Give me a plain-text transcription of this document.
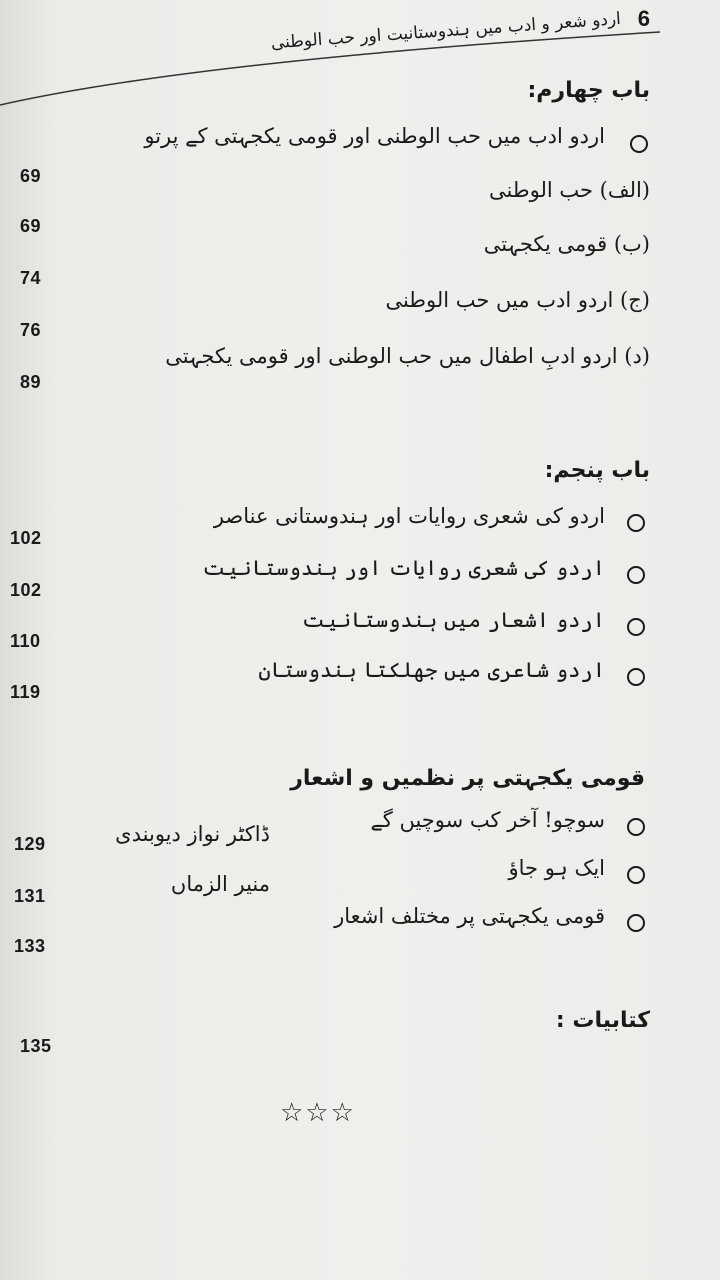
6
اردو شعر و ادب میں ہندوستانیت اور حب الوطنی
باب چھارم:
اردو ادب میں حب الوطنی اور قومی یکجہتی کے پرتو
69
(الف) حب الوطنی
69
(ب) قومی یکجہتی
74
(ج) اردو ادب میں حب الوطنی
76
(د) اردو ادبِ اطفال میں حب الوطنی اور قومی یکجہتی
89
باب پنجم:
اردو کی شعری روایات اور ہندوستانی عناصر
102
اردو کی شعری روایات اور ہندوستانیت
102
اردو اشعار میں ہندوستانیت
110
اردو شاعری میں جھلکتا ہندوستان
119
قومی یکجہتی پر نظمیں و اشعار
سوچو! آخر کب سوچیں گے
ڈاکٹر نواز دیوبندی
129
ایک ہو جاؤ
منیر الزماں
131
قومی یکجہتی پر مختلف اشعار
133
کتابیات :
135
☆☆☆
